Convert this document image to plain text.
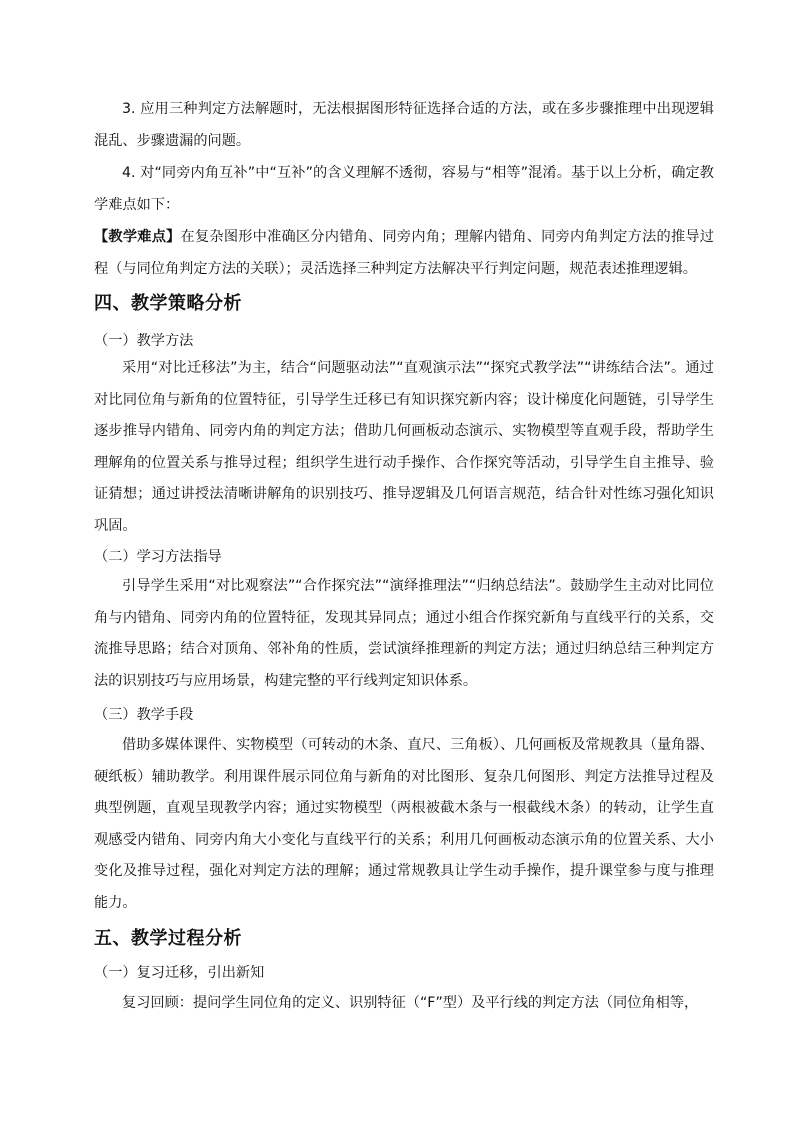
3. 应用三种判定方法解题时，无法根据图形特征选择合适的方法，或在多步骤推理中出现逻辑混乱、步骤遗漏的问题。

4. 对“同旁内角互补”中“互补”的含义理解不透彻，容易与“相等”混淆。基于以上分析，确定教学难点如下：

【教学难点】在复杂图形中准确区分内错角、同旁内角；理解内错角、同旁内角判定方法的推导过程（与同位角判定方法的关联）；灵活选择三种判定方法解决平行判定问题，规范表述推理逻辑。

四、教学策略分析

（一）教学方法

采用“对比迁移法”为主，结合“问题驱动法”“直观演示法”“探究式教学法”“讲练结合法”。通过对比同位角与新角的位置特征，引导学生迁移已有知识探究新内容；设计梯度化问题链，引导学生逐步推导内错角、同旁内角的判定方法；借助几何画板动态演示、实物模型等直观手段，帮助学生理解角的位置关系与推导过程；组织学生进行动手操作、合作探究等活动，引导学生自主推导、验证猜想；通过讲授法清晰讲解角的识别技巧、推导逻辑及几何语言规范，结合针对性练习强化知识巩固。

（二）学习方法指导

引导学生采用“对比观察法”“合作探究法”“演绎推理法”“归纳总结法”。鼓励学生主动对比同位角与内错角、同旁内角的位置特征，发现其异同点；通过小组合作探究新角与直线平行的关系，交流推导思路；结合对顶角、邻补角的性质，尝试演绎推理新的判定方法；通过归纳总结三种判定方法的识别技巧与应用场景，构建完整的平行线判定知识体系。

（三）教学手段

借助多媒体课件、实物模型（可转动的木条、直尺、三角板）、几何画板及常规教具（量角器、硬纸板）辅助教学。利用课件展示同位角与新角的对比图形、复杂几何图形、判定方法推导过程及典型例题，直观呈现教学内容；通过实物模型（两根被截木条与一根截线木条）的转动，让学生直观感受内错角、同旁内角大小变化与直线平行的关系；利用几何画板动态演示角的位置关系、大小变化及推导过程，强化对判定方法的理解；通过常规教具让学生动手操作，提升课堂参与度与推理能力。

五、教学过程分析

（一）复习迁移，引出新知

复习回顾：提问学生同位角的定义、识别特征（“F”型）及平行线的判定方法（同位角相等，
